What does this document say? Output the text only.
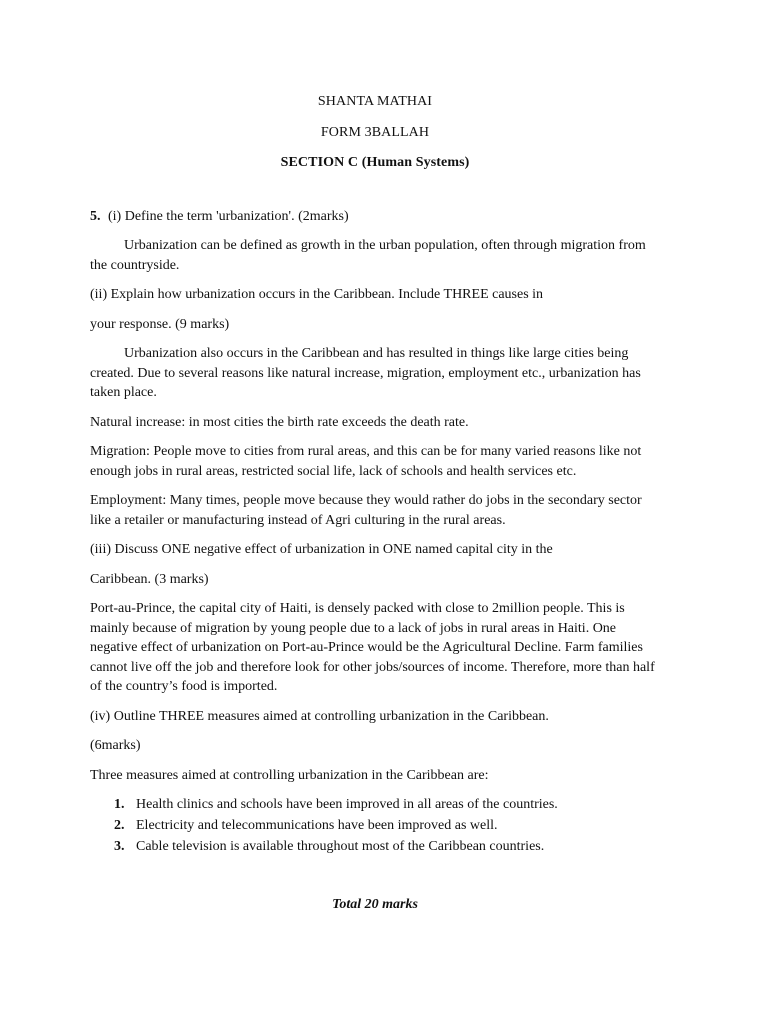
SHANTA MATHAI
FORM 3BALLAH
SECTION C (Human Systems)

5. (i) Define the term 'urbanization'. (2marks)

Urbanization can be defined as growth in the urban population, often through migration from the countryside.

(ii) Explain how urbanization occurs in the Caribbean. Include THREE causes in

your response. (9 marks)

Urbanization also occurs in the Caribbean and has resulted in things like large cities being created. Due to several reasons like natural increase, migration, employment etc., urbanization has taken place.

Natural increase: in most cities the birth rate exceeds the death rate.

Migration: People move to cities from rural areas, and this can be for many varied reasons like not enough jobs in rural areas, restricted social life, lack of schools and health services etc.

Employment: Many times, people move because they would rather do jobs in the secondary sector like a retailer or manufacturing instead of Agri culturing in the rural areas.

(iii) Discuss ONE negative effect of urbanization in ONE named capital city in the

Caribbean. (3 marks)

Port-au-Prince, the capital city of Haiti, is densely packed with close to 2million people. This is mainly because of migration by young people due to a lack of jobs in rural areas in Haiti. One negative effect of urbanization on Port-au-Prince would be the Agricultural Decline. Farm families cannot live off the job and therefore look for other jobs/sources of income. Therefore, more than half of the country’s food is imported.

(iv) Outline THREE measures aimed at controlling urbanization in the Caribbean.

(6marks)

Three measures aimed at controlling urbanization in the Caribbean are:

1. Health clinics and schools have been improved in all areas of the countries.
2. Electricity and telecommunications have been improved as well.
3. Cable television is available throughout most of the Caribbean countries.
Total 20 marks
